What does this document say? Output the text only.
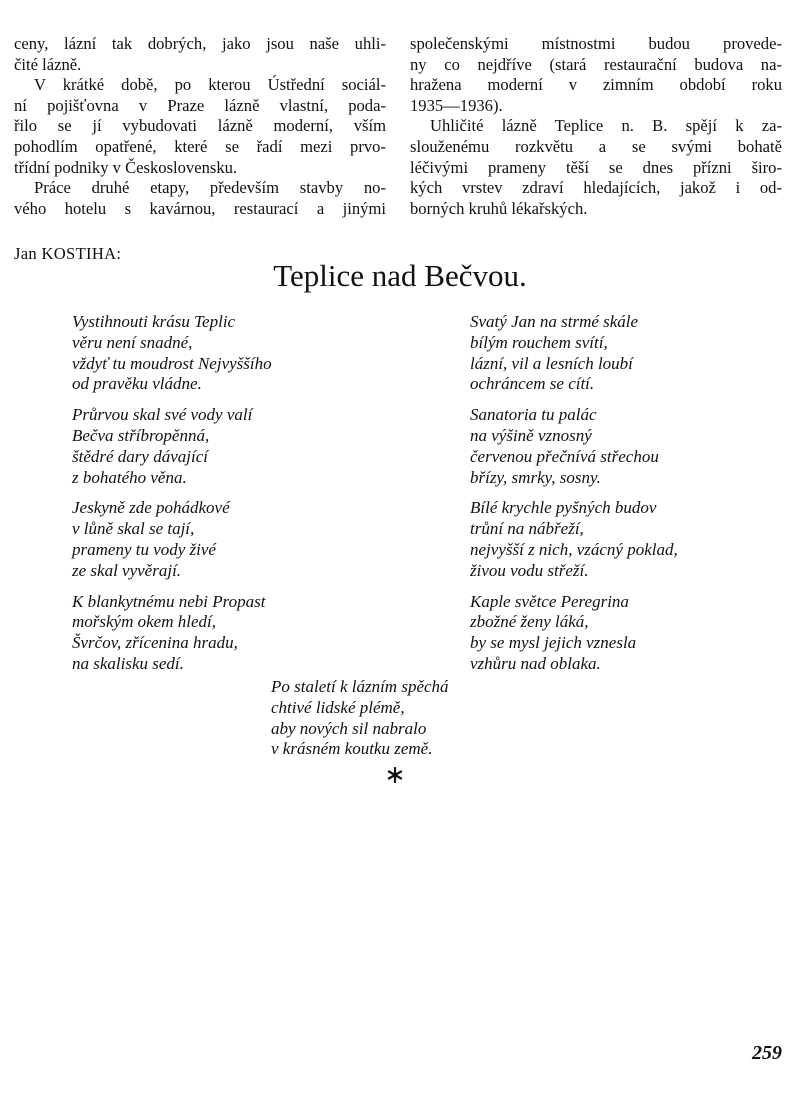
ceny, lázní tak dobrých, jako jsou naše uhli-
čité lázně.
V krátké době, po kterou Ústřední sociál-
ní pojišťovna v Praze lázně vlastní, poda-
řilo se jí vybudovati lázně moderní, vším
pohodlím opatřené, které se řadí mezi prvo-
třídní podniky v Československu.
Práce druhé etapy, především stavby no-
vého hotelu s kavárnou, restaurací a jinými
společenskými místnostmi budou provede-
ny co nejdříve (stará restaurační budova na-
hražena moderní v zimním období roku
1935—1936).
Uhličité lázně Teplice n. B. spějí k za-
slouženému rozkvětu a se svými bohatě
léčivými prameny těší se dnes přízni širo-
kých vrstev zdraví hledajících, jakož i od-
borných kruhů lékařských.
Jan KOSTIHA:
Teplice nad Bečvou.
Vystihnouti krásu Teplic
věru není snadné,
vždyť tu moudrost Nejvyššího
od pravěku vládne.
Průrvou skal své vody valí
Bečva stříbropěnná,
štědré dary dávající
z bohatého věna.
Jeskyně zde pohádkové
v lůně skal se tají,
prameny tu vody živé
ze skal vyvěrají.
K blankytnému nebi Propast
mořským okem hledí,
Švrčov, zřícenina hradu,
na skalisku sedí.
Svatý Jan na strmé skále
bílým rouchem svítí,
lázní, vil a lesních loubí
ochráncem se cítí.
Sanatoria tu palác
na výšině vznosný
červenou přečnívá střechou
břízy, smrky, sosny.
Bílé krychle pyšných budov
trůní na nábřeží,
nejvyšší z nich, vzácný poklad,
živou vodu střeží.
Kaple světce Peregrina
zbožné ženy láká,
by se mysl jejich vznesla
vzhůru nad oblaka.
Po staletí k lázním spěchá
chtivé lidské plémě,
aby nových sil nabralo
v krásném koutku země.
259
